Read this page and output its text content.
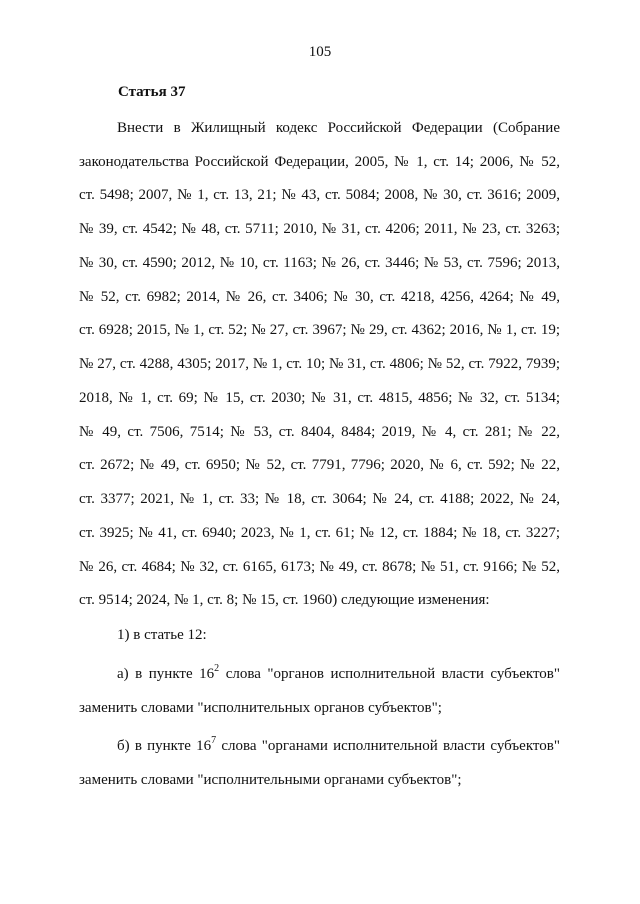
105
Статья 37
Внести в Жилищный кодекс Российской Федерации (Собрание
законодательства Российской Федерации, 2005, № 1, ст. 14; 2006, № 52,
ст. 5498; 2007, № 1, ст. 13, 21; № 43, ст. 5084; 2008, № 30, ст. 3616; 2009,
№ 39, ст. 4542; № 48, ст. 5711; 2010, № 31, ст. 4206; 2011, № 23, ст. 3263;
№ 30, ст. 4590; 2012, № 10, ст. 1163; № 26, ст. 3446; № 53, ст. 7596; 2013,
№ 52, ст. 6982; 2014, № 26, ст. 3406; № 30, ст. 4218, 4256, 4264; № 49,
ст. 6928; 2015, № 1, ст. 52; № 27, ст. 3967; № 29, ст. 4362; 2016, № 1, ст. 19;
№ 27, ст. 4288, 4305; 2017, № 1, ст. 10; № 31, ст. 4806; № 52, ст. 7922, 7939;
2018, № 1, ст. 69; № 15, ст. 2030; № 31, ст. 4815, 4856; № 32, ст. 5134;
№ 49, ст. 7506, 7514; № 53, ст. 8404, 8484; 2019, № 4, ст. 281; № 22,
ст. 2672; № 49, ст. 6950; № 52, ст. 7791, 7796; 2020, № 6, ст. 592; № 22,
ст. 3377; 2021, № 1, ст. 33; № 18, ст. 3064; № 24, ст. 4188; 2022, № 24,
ст. 3925; № 41, ст. 6940; 2023, № 1, ст. 61; № 12, ст. 1884; № 18, ст. 3227;
№ 26, ст. 4684; № 32, ст. 6165, 6173; № 49, ст. 8678; № 51, ст. 9166; № 52,
ст. 9514; 2024, № 1, ст. 8; № 15, ст. 1960) следующие изменения:
1) в статье 12:
а) в пункте $16^2$ слова "органов исполнительной власти субъектов"
заменить словами "исполнительных органов субъектов";
б) в пункте $16^7$ слова "органами исполнительной власти субъектов"
заменить словами "исполнительными органами субъектов";
